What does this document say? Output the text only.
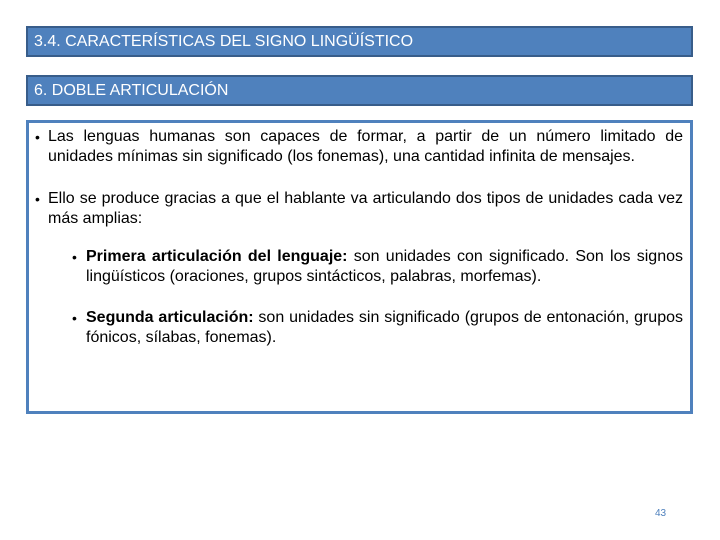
3.4. CARACTERÍSTICAS DEL SIGNO LINGÜÍSTICO
6. DOBLE ARTICULACIÓN
• Las lenguas humanas son capaces de formar, a partir de un número limitado de unidades mínimas sin significado (los fonemas), una cantidad infinita de mensajes.
• Ello se produce gracias a que el hablante va articulando dos tipos de unidades cada vez más amplias:
• Primera articulación del lenguaje: son unidades con significado. Son los signos lingüísticos (oraciones, grupos sintácticos, palabras, morfemas).
• Segunda articulación: son unidades sin significado (grupos de entonación, grupos fónicos, sílabas, fonemas).
43
